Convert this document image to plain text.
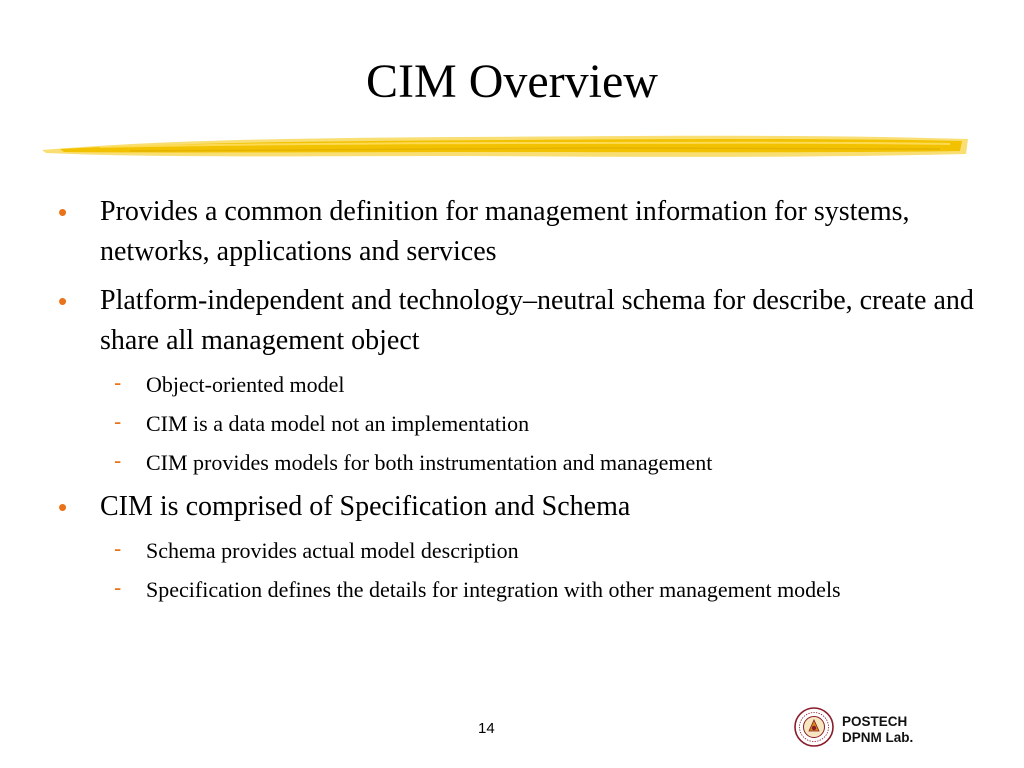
CIM Overview
• Provides a common definition for management information for systems, networks, applications and services
• Platform-independent and technology–neutral schema for describe, create and share all management object
- Object-oriented model
- CIM is a data model not an implementation
- CIM provides models for both instrumentation and management
• CIM is comprised of Specification and Schema
- Schema provides actual model description
- Specification defines the details for integration with other management models
14	POSTECH
DPNM Lab.
